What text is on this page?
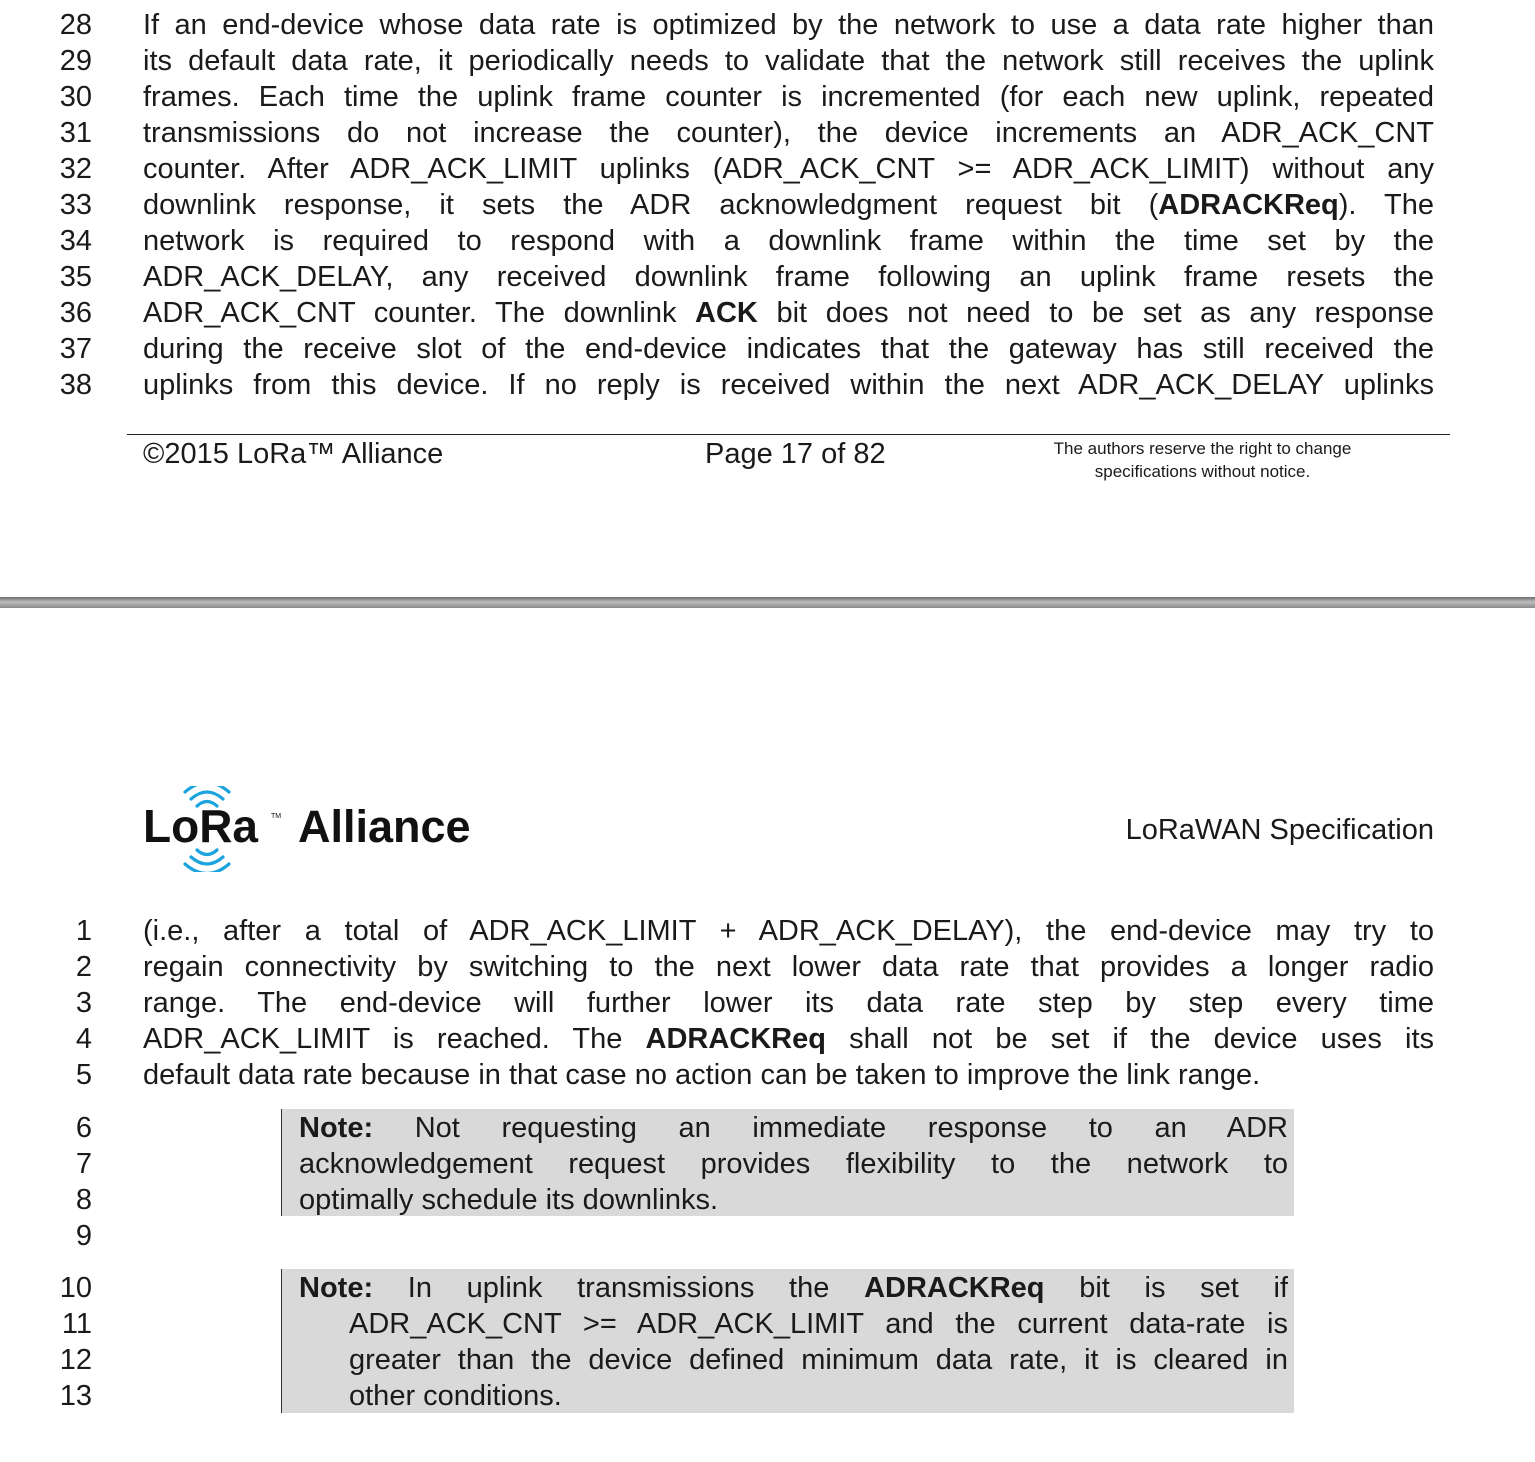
28 If an end-device whose data rate is optimized by the network to use a data rate higher than
29 its default data rate, it periodically needs to validate that the network still receives the uplink
30 frames. Each time the uplink frame counter is incremented (for each new uplink, repeated
31 transmissions do not increase the counter), the device increments an ADR_ACK_CNT
32 counter. After ADR_ACK_LIMIT uplinks (ADR_ACK_CNT >= ADR_ACK_LIMIT) without any
33 downlink response, it sets the ADR acknowledgment request bit (ADRACKReq). The
34 network is required to respond with a downlink frame within the time set by the
35 ADR_ACK_DELAY, any received downlink frame following an uplink frame resets the
36 ADR_ACK_CNT counter. The downlink ACK bit does not need to be set as any response
37 during the receive slot of the end-device indicates that the gateway has still received the
38 uplinks from this device. If no reply is received within the next ADR_ACK_DELAY uplinks
©2015 LoRa™ Alliance	Page 17 of 82	The authors reserve the right to change
specifications without notice.
LoRa TM Alliance	LoRaWAN Specification
1 (i.e., after a total of ADR_ACK_LIMIT + ADR_ACK_DELAY), the end-device may try to
2 regain connectivity by switching to the next lower data rate that provides a longer radio
3 range. The end-device will further lower its data rate step by step every time
4 ADR_ACK_LIMIT is reached. The ADRACKReq shall not be set if the device uses its
5 default data rate because in that case no action can be taken to improve the link range.
6
7
8
9
Note: Not requesting an immediate response to an ADR
acknowledgement request provides flexibility to the network to
optimally schedule its downlinks.
10
11
12
13
Note: In uplink transmissions the ADRACKReq bit is set if
ADR_ACK_CNT >= ADR_ACK_LIMIT and the current data-rate is
greater than the device defined minimum data rate, it is cleared in
other conditions.
